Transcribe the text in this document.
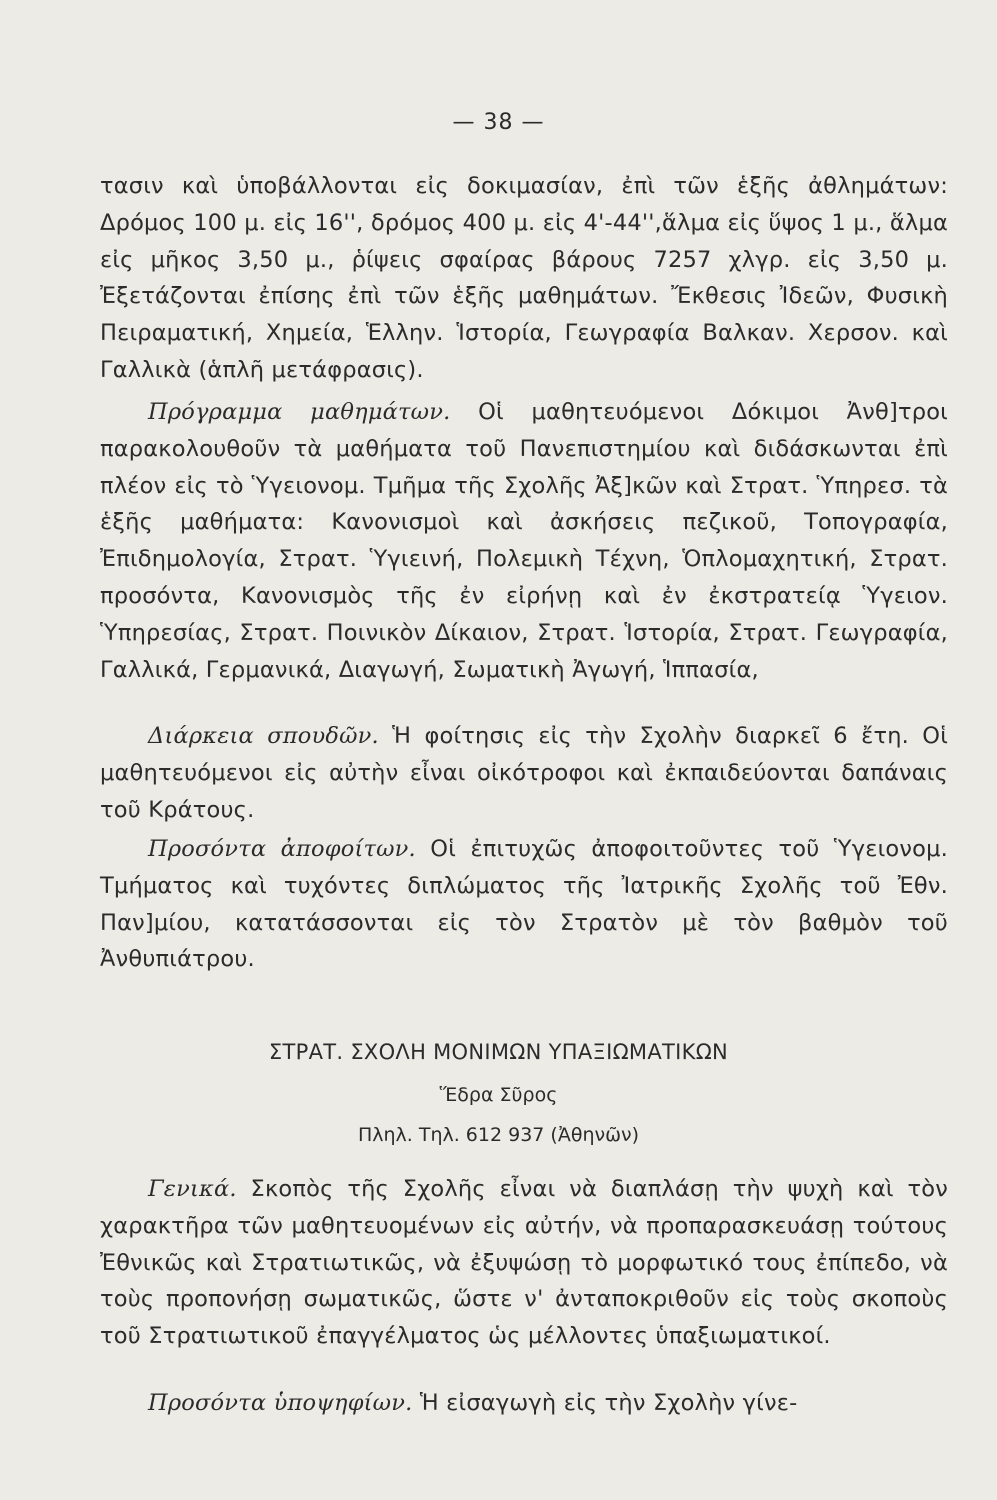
— 38 —

τασιν καὶ ὑποβάλλονται εἰς δοκιμασίαν, ἐπὶ τῶν ἑξῆς ἀθλημάτων: Δρόμος 100 μ. εἰς 16'', δρόμος 400 μ. εἰς 4'-44'',ἅλμα εἰς ὕψος 1 μ., ἅλμα εἰς μῆκος 3,50 μ., ῥίψεις σφαίρας βάρους 7257 χλγρ. εἰς 3,50 μ. Ἐξετάζονται ἐπίσης ἐπὶ τῶν ἑξῆς μαθημάτων. Ἔκθεσις Ἰδεῶν, Φυσικὴ Πειραματική, Χημεία, Ἑλλην. Ἱστορία, Γεωγραφία Βαλκαν. Χερσον. καὶ Γαλλικὰ (ἁπλῆ μετάφρασις).

Πρόγραμμα μαθημάτων. Οἱ μαθητευόμενοι Δόκιμοι Ἀνθ]τροι παρακολουθοῦν τὰ μαθήματα τοῦ Πανεπιστημίου καὶ διδάσκωνται ἐπὶ πλέον εἰς τὸ Ὑγειονομ. Τμῆμα τῆς Σχολῆς Ἀξ]κῶν καὶ Στρατ. Ὑπηρεσ. τὰ ἑξῆς μαθήματα: Κανονισμοὶ καὶ ἀσκήσεις πεζικοῦ, Τοπογραφία, Ἐπιδημολογία, Στρατ. Ὑγιεινή, Πολεμικὴ Τέχνη, Ὁπλομαχητική, Στρατ. προσόντα, Κανονισμὸς τῆς ἐν εἰρήνῃ καὶ ἐν ἐκστρατείᾳ Ὑγειον. Ὑπηρεσίας, Στρατ. Ποινικὸν Δίκαιον, Στρατ. Ἱστορία, Στρατ. Γεωγραφία, Γαλλικά, Γερμανικά, Διαγωγή, Σωματικὴ Ἀγωγή, Ἱππασία,

Διάρκεια σπουδῶν. Ἡ φοίτησις εἰς τὴν Σχολὴν διαρκεῖ 6 ἔτη. Οἱ μαθητευόμενοι εἰς αὐτὴν εἶναι οἰκότροφοι καὶ ἐκπαιδεύονται δαπάναις τοῦ Κράτους.

Προσόντα ἀποφοίτων. Οἱ ἐπιτυχῶς ἀποφοιτοῦντες τοῦ Ὑγειονομ. Τμήματος καὶ τυχόντες διπλώματος τῆς Ἰατρικῆς Σχολῆς τοῦ Ἐθν. Παν]μίου, κατατάσσονται εἰς τὸν Στρατὸν μὲ τὸν βαθμὸν τοῦ Ἀνθυπιάτρου.

ΣΤΡΑΤ. ΣΧΟΛΗ ΜΟΝΙΜΩΝ ΥΠΑΞΙΩΜΑΤΙΚΩΝ

Ἕδρα Σῦρος

Πληλ. Τηλ. 612 937 (Ἀθηνῶν)

Γενικά. Σκοπὸς τῆς Σχολῆς εἶναι νὰ διαπλάσῃ τὴν ψυχὴ καὶ τὸν χαρακτῆρα τῶν μαθητευομένων εἰς αὐτήν, νὰ προπαρασκευάσῃ τούτους Ἐθνικῶς καὶ Στρατιωτικῶς, νὰ ἐξυψώσῃ τὸ μορφωτικό τους ἐπίπεδο, νὰ τοὺς προπονήσῃ σωματικῶς, ὥστε ν' ἀνταποκριθοῦν εἰς τοὺς σκοποὺς τοῦ Στρατιωτικοῦ ἐπαγγέλματος ὡς μέλλοντες ὑπαξιωματικοί.

Προσόντα ὑποψηφίων. Ἡ εἰσαγωγὴ εἰς τὴν Σχολὴν γίνε-
